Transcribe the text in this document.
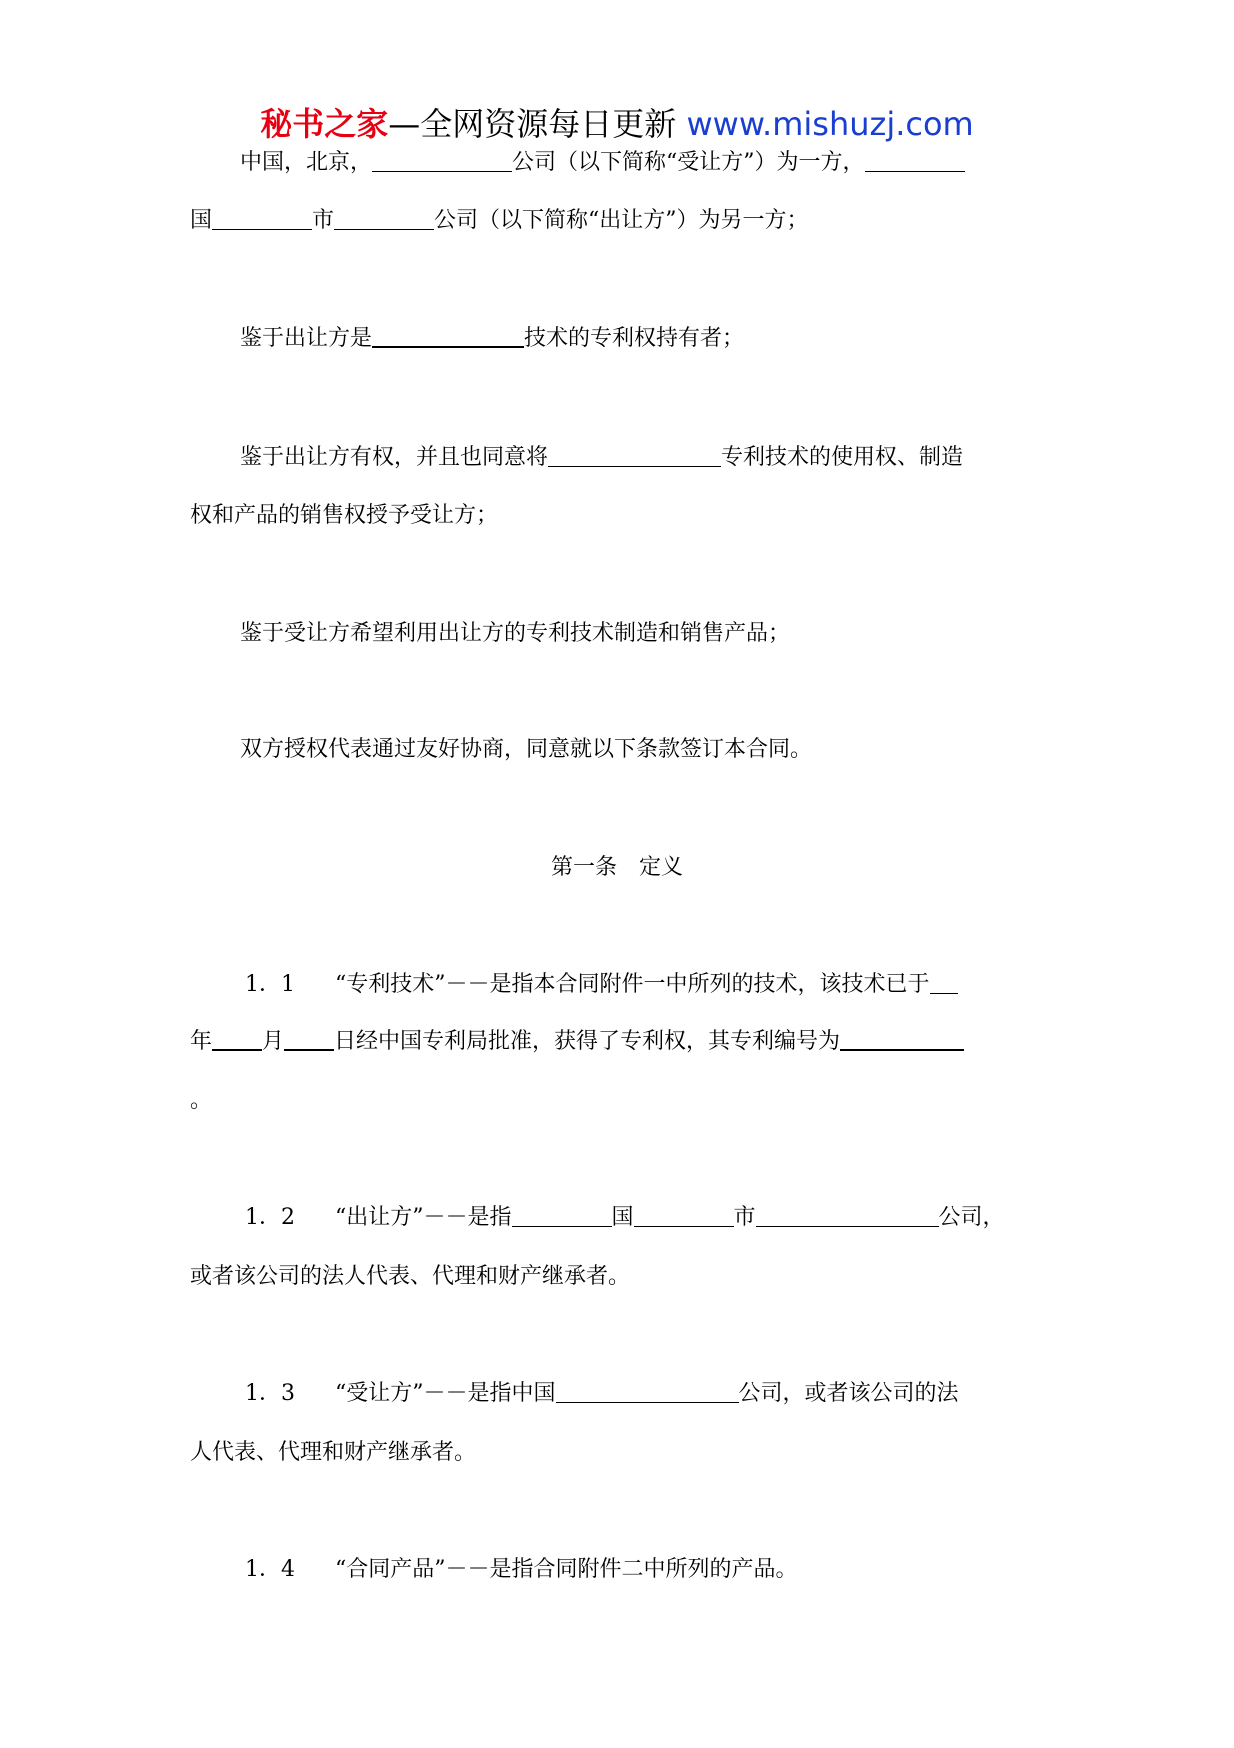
秘书之家—全网资源每日更新 www.mishuzj.com
中国，北京，	公司（以下简称“受让方”）为一方，
国	市	公司（以下简称“出让方”）为另一方；
鉴于出让方是	技术的专利权持有者；
鉴于出让方有权，并且也同意将	专利技术的使用权、制造
权和产品的销售权授予受让方；
鉴于受让方希望利用出让方的专利技术制造和销售产品；
双方授权代表通过友好协商，同意就以下条款签订本合同。
第一条　定义
1．1 “专利技术”－－是指本合同附件一中所列的技术，该技术已于
年 月 日经中国专利局批准，获得了专利权，其专利编号为
。
1．2 “出让方”－－是指	国	市	公司，
或者该公司的法人代表、代理和财产继承者。
1．3 “受让方”－－是指中国	公司，或者该公司的法
人代表、代理和财产继承者。
1．4 “合同产品”－－是指合同附件二中所列的产品。
